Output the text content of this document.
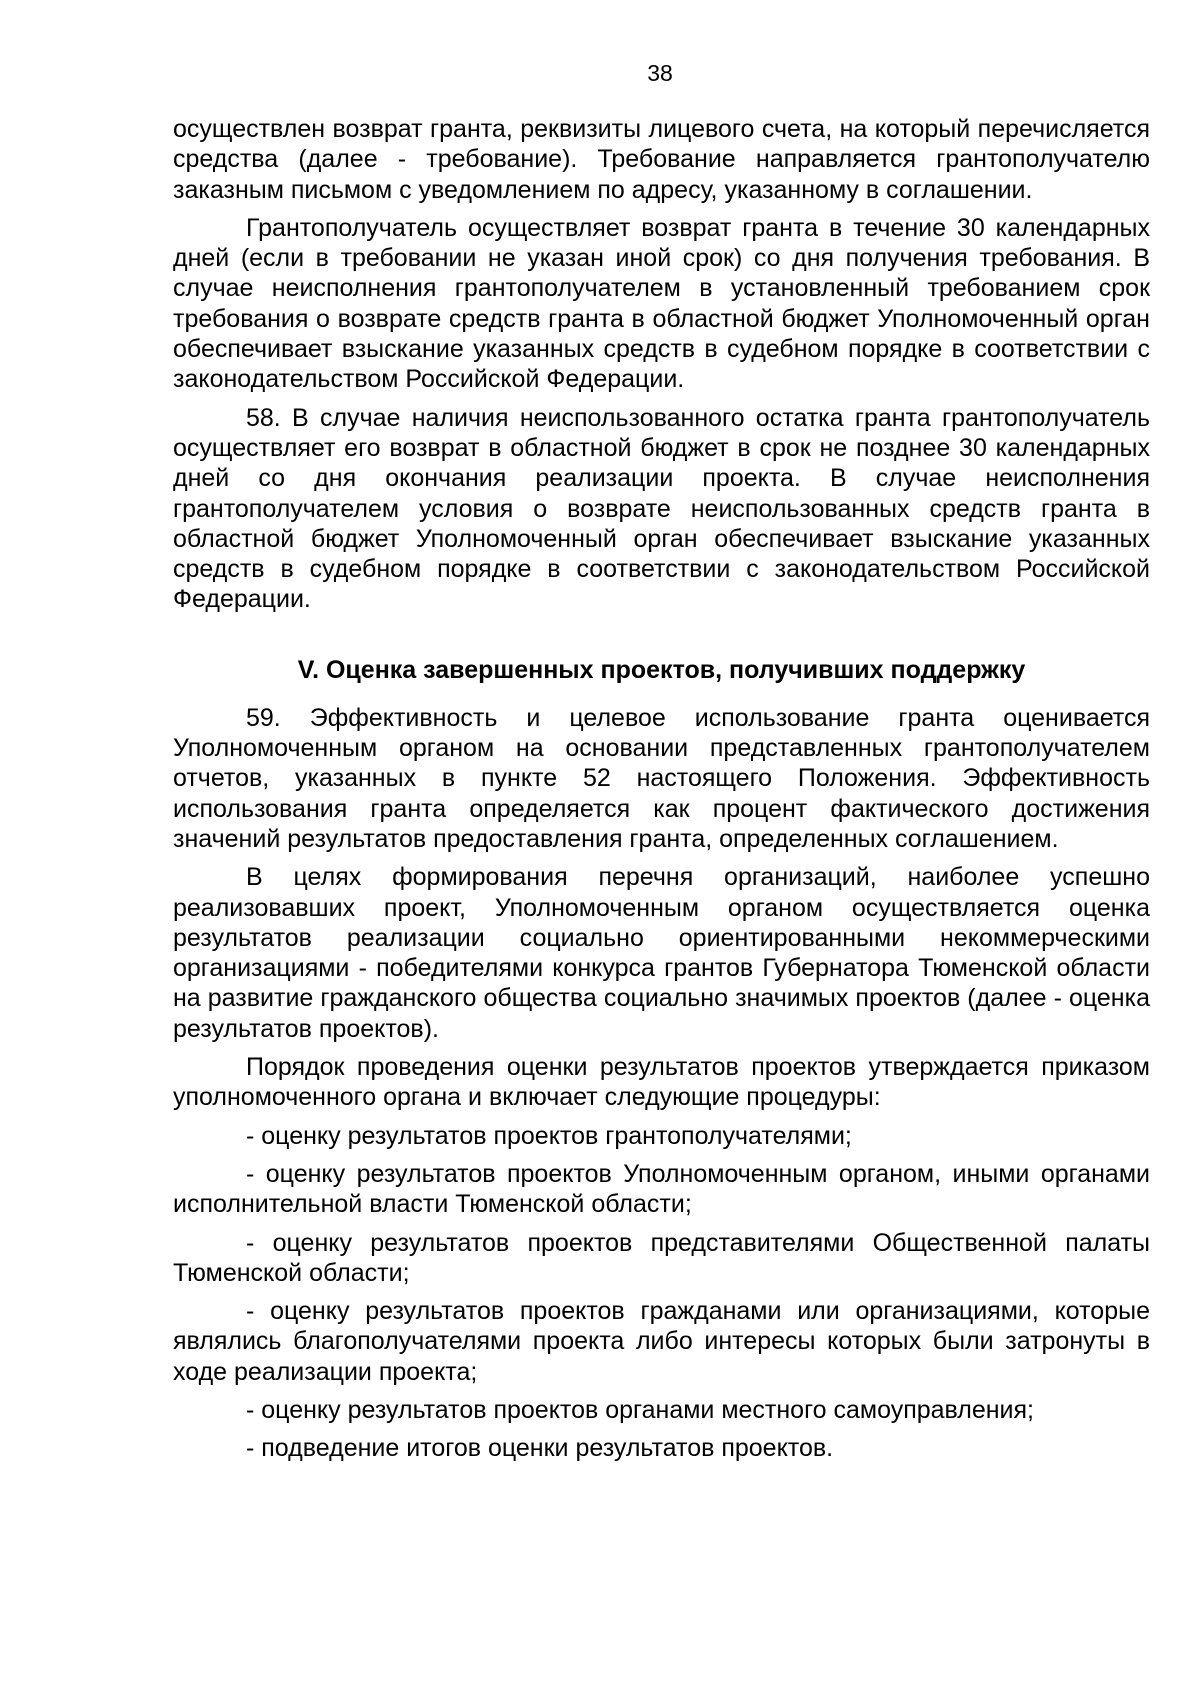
38

осуществлен возврат гранта, реквизиты лицевого счета, на который перечисляется средства (далее - требование). Требование направляется грантополучателю заказным письмом с уведомлением по адресу, указанному в соглашении.

Грантополучатель осуществляет возврат гранта в течение 30 календарных дней (если в требовании не указан иной срок) со дня получения требования. В случае неисполнения грантополучателем в установленный требованием срок требования о возврате средств гранта в областной бюджет Уполномоченный орган обеспечивает взыскание указанных средств в судебном порядке в соответствии с законодательством Российской Федерации.

58. В случае наличия неиспользованного остатка гранта грантополучатель осуществляет его возврат в областной бюджет в срок не позднее 30 календарных дней со дня окончания реализации проекта. В случае неисполнения грантополучателем условия о возврате неиспользованных средств гранта в областной бюджет Уполномоченный орган обеспечивает взыскание указанных средств в судебном порядке в соответствии с законодательством Российской Федерации.

V. Оценка завершенных проектов, получивших поддержку

59. Эффективность и целевое использование гранта оценивается Уполномоченным органом на основании представленных грантополучателем отчетов, указанных в пункте 52 настоящего Положения. Эффективность использования гранта определяется как процент фактического достижения значений результатов предоставления гранта, определенных соглашением.

В целях формирования перечня организаций, наиболее успешно реализовавших проект, Уполномоченным органом осуществляется оценка результатов реализации социально ориентированными некоммерческими организациями - победителями конкурса грантов Губернатора Тюменской области на развитие гражданского общества социально значимых проектов (далее - оценка результатов проектов).

Порядок проведения оценки результатов проектов утверждается приказом уполномоченного органа и включает следующие процедуры:

- оценку результатов проектов грантополучателями;

- оценку результатов проектов Уполномоченным органом, иными органами исполнительной власти Тюменской области;

- оценку результатов проектов представителями Общественной палаты Тюменской области;

- оценку результатов проектов гражданами или организациями, которые являлись благополучателями проекта либо интересы которых были затронуты в ходе реализации проекта;

- оценку результатов проектов органами местного самоуправления;

- подведение итогов оценки результатов проектов.
